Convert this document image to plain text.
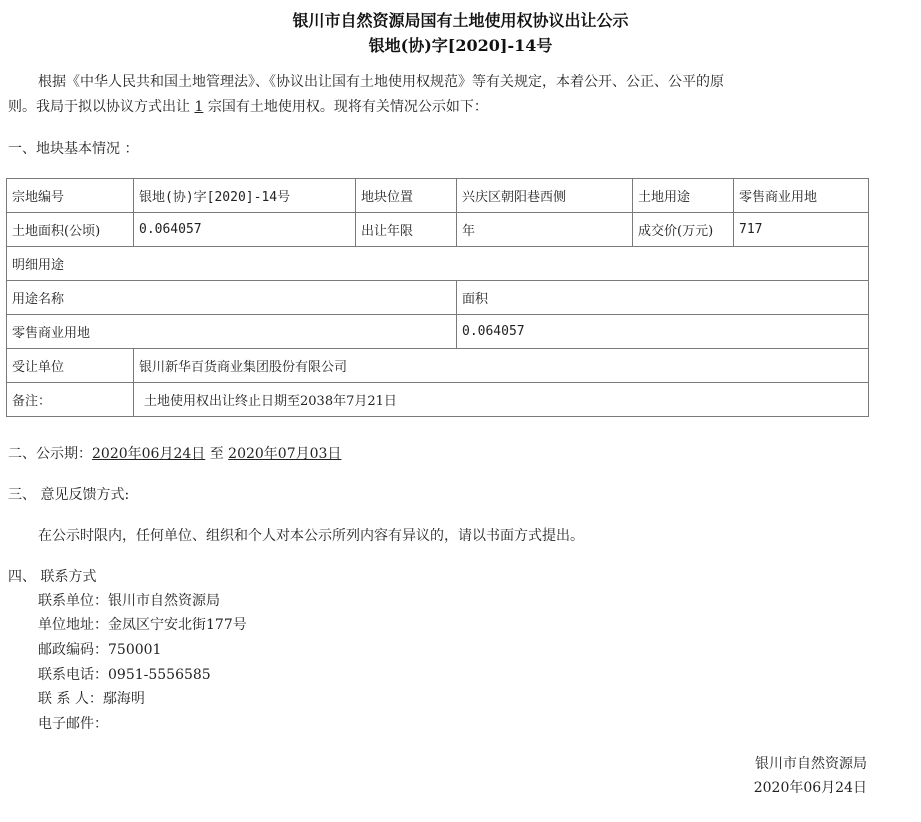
银川市自然资源局国有土地使用权协议出让公示
银地(协)字[2020]-14号
根据《中华人民共和国土地管理法》、《协议出让国有土地使用权规范》等有关规定，本着公开、公正、公平的原
则。我局于拟以协议方式出让 1 宗国有土地使用权。现将有关情况公示如下：
一、地块基本情况 ：
宗地编号	银地(协)字[2020]-14号	地块位置	兴庆区朝阳巷西侧	土地用途	零售商业用地
土地面积(公顷)	0.064057	出让年限	年	成交价(万元)	717
明细用途					
用途名称			面积		
零售商业用地			0.064057		
受让单位	银川新华百货商业集团股份有限公司				
备注：	土地使用权出让终止日期至2038年7月21日				
二、公示期：2020年06月24日 至 2020年07月03日
三、 意见反馈方式:
在公示时限内，任何单位、组织和个人对本公示所列内容有异议的，请以书面方式提出。
四、 联系方式
联系单位：银川市自然资源局
单位地址：金凤区宁安北街177号
邮政编码：750001
联系电话：0951-5556585
联 系 人：鄢海明
电子邮件：
银川市自然资源局
2020年06月24日
